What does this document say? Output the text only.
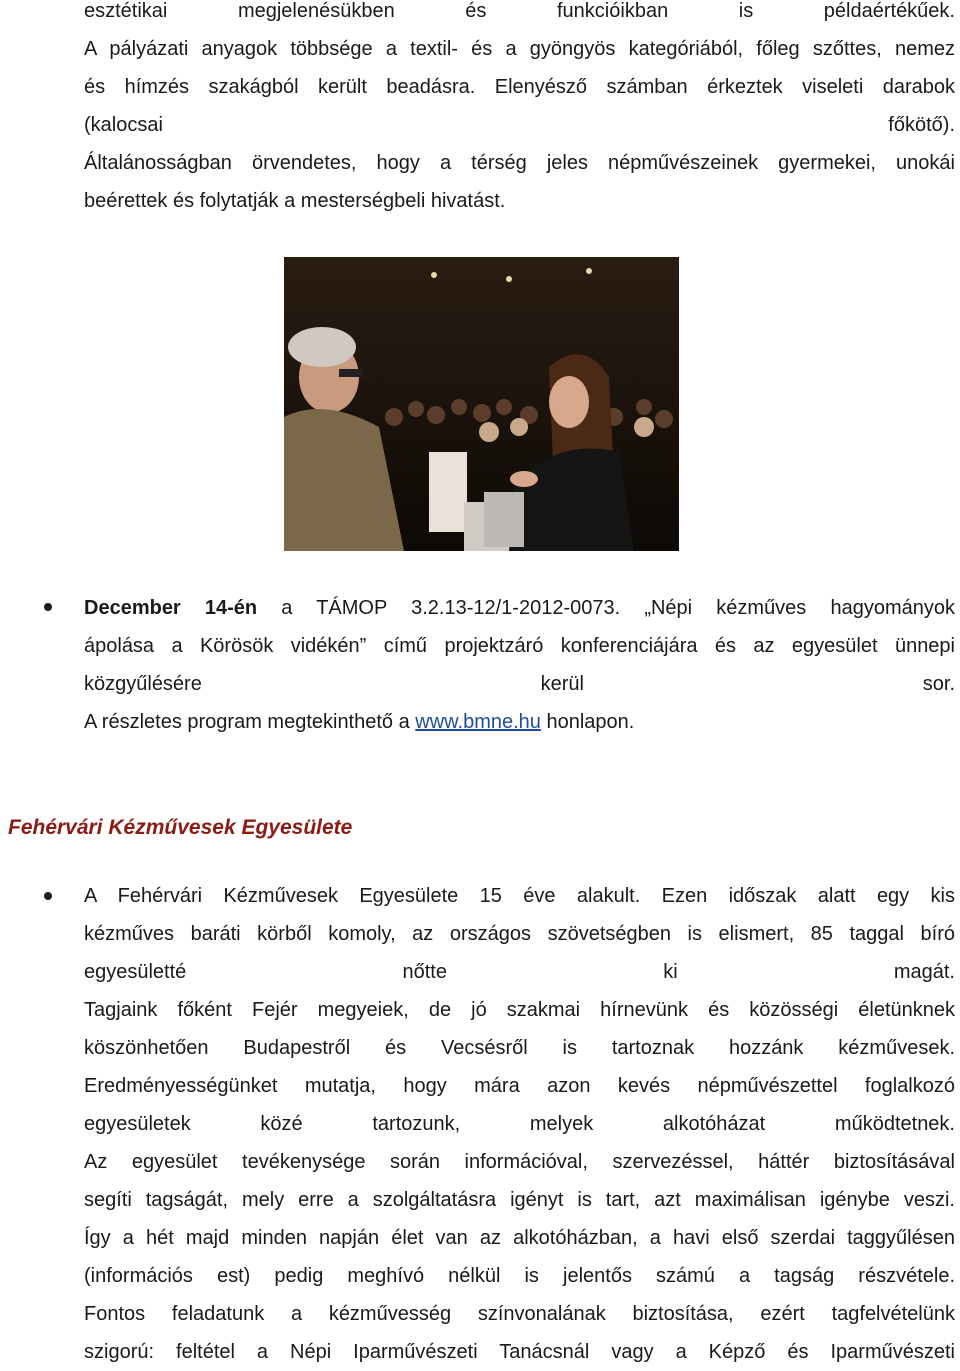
esztétikai megjelenésükben és funkcióikban is példaértékűek.
A pályázati anyagok többsége a textil- és a gyöngyös kategóriából, főleg szőttes, nemez
és hímzés szakágból került beadásra. Elenyésző számban érkeztek viseleti darabok
(kalocsai főkötő).
Általánosságban örvendetes, hogy a térség jeles népművészeinek gyermekei, unokái
beérettek és folytatják a mesterségbeli hivatást.
December 14-én a TÁMOP 3.2.13-12/1-2012-0073. „Népi kézműves hagyományok
ápolása a Körösök vidékén” című projektzáró konferenciájára és az egyesület ünnepi
közgyűlésére kerül sor.
A részletes program megtekinthető a www.bmne.hu honlapon.
Fehérvári Kézművesek Egyesülete
A Fehérvári Kézművesek Egyesülete 15 éve alakult. Ezen időszak alatt egy kis
kézműves baráti körből komoly, az országos szövetségben is elismert, 85 taggal bíró
egyesületté nőtte ki magát.
Tagjaink főként Fejér megyeiek, de jó szakmai hírnevünk és közösségi életünknek
köszönhetően Budapestről és Vecsésről is tartoznak hozzánk kézművesek.
Eredményességünket mutatja, hogy mára azon kevés népművészettel foglalkozó
egyesületek közé tartozunk, melyek alkotóházat működtetnek.
Az egyesület tevékenysége során információval, szervezéssel, háttér biztosításával
segíti tagságát, mely erre a szolgáltatásra igényt is tart, azt maximálisan igénybe veszi.
Így a hét majd minden napján élet van az alkotóházban, a havi első szerdai taggyűlésen
(információs est) pedig meghívó nélkül is jelentős számú a tagság részvétele.
Fontos feladatunk a kézművesség színvonalának biztosítása, ezért tagfelvételünk
szigorú: feltétel a Népi Iparművészeti Tanácsnál vagy a Képző és Iparművészeti
